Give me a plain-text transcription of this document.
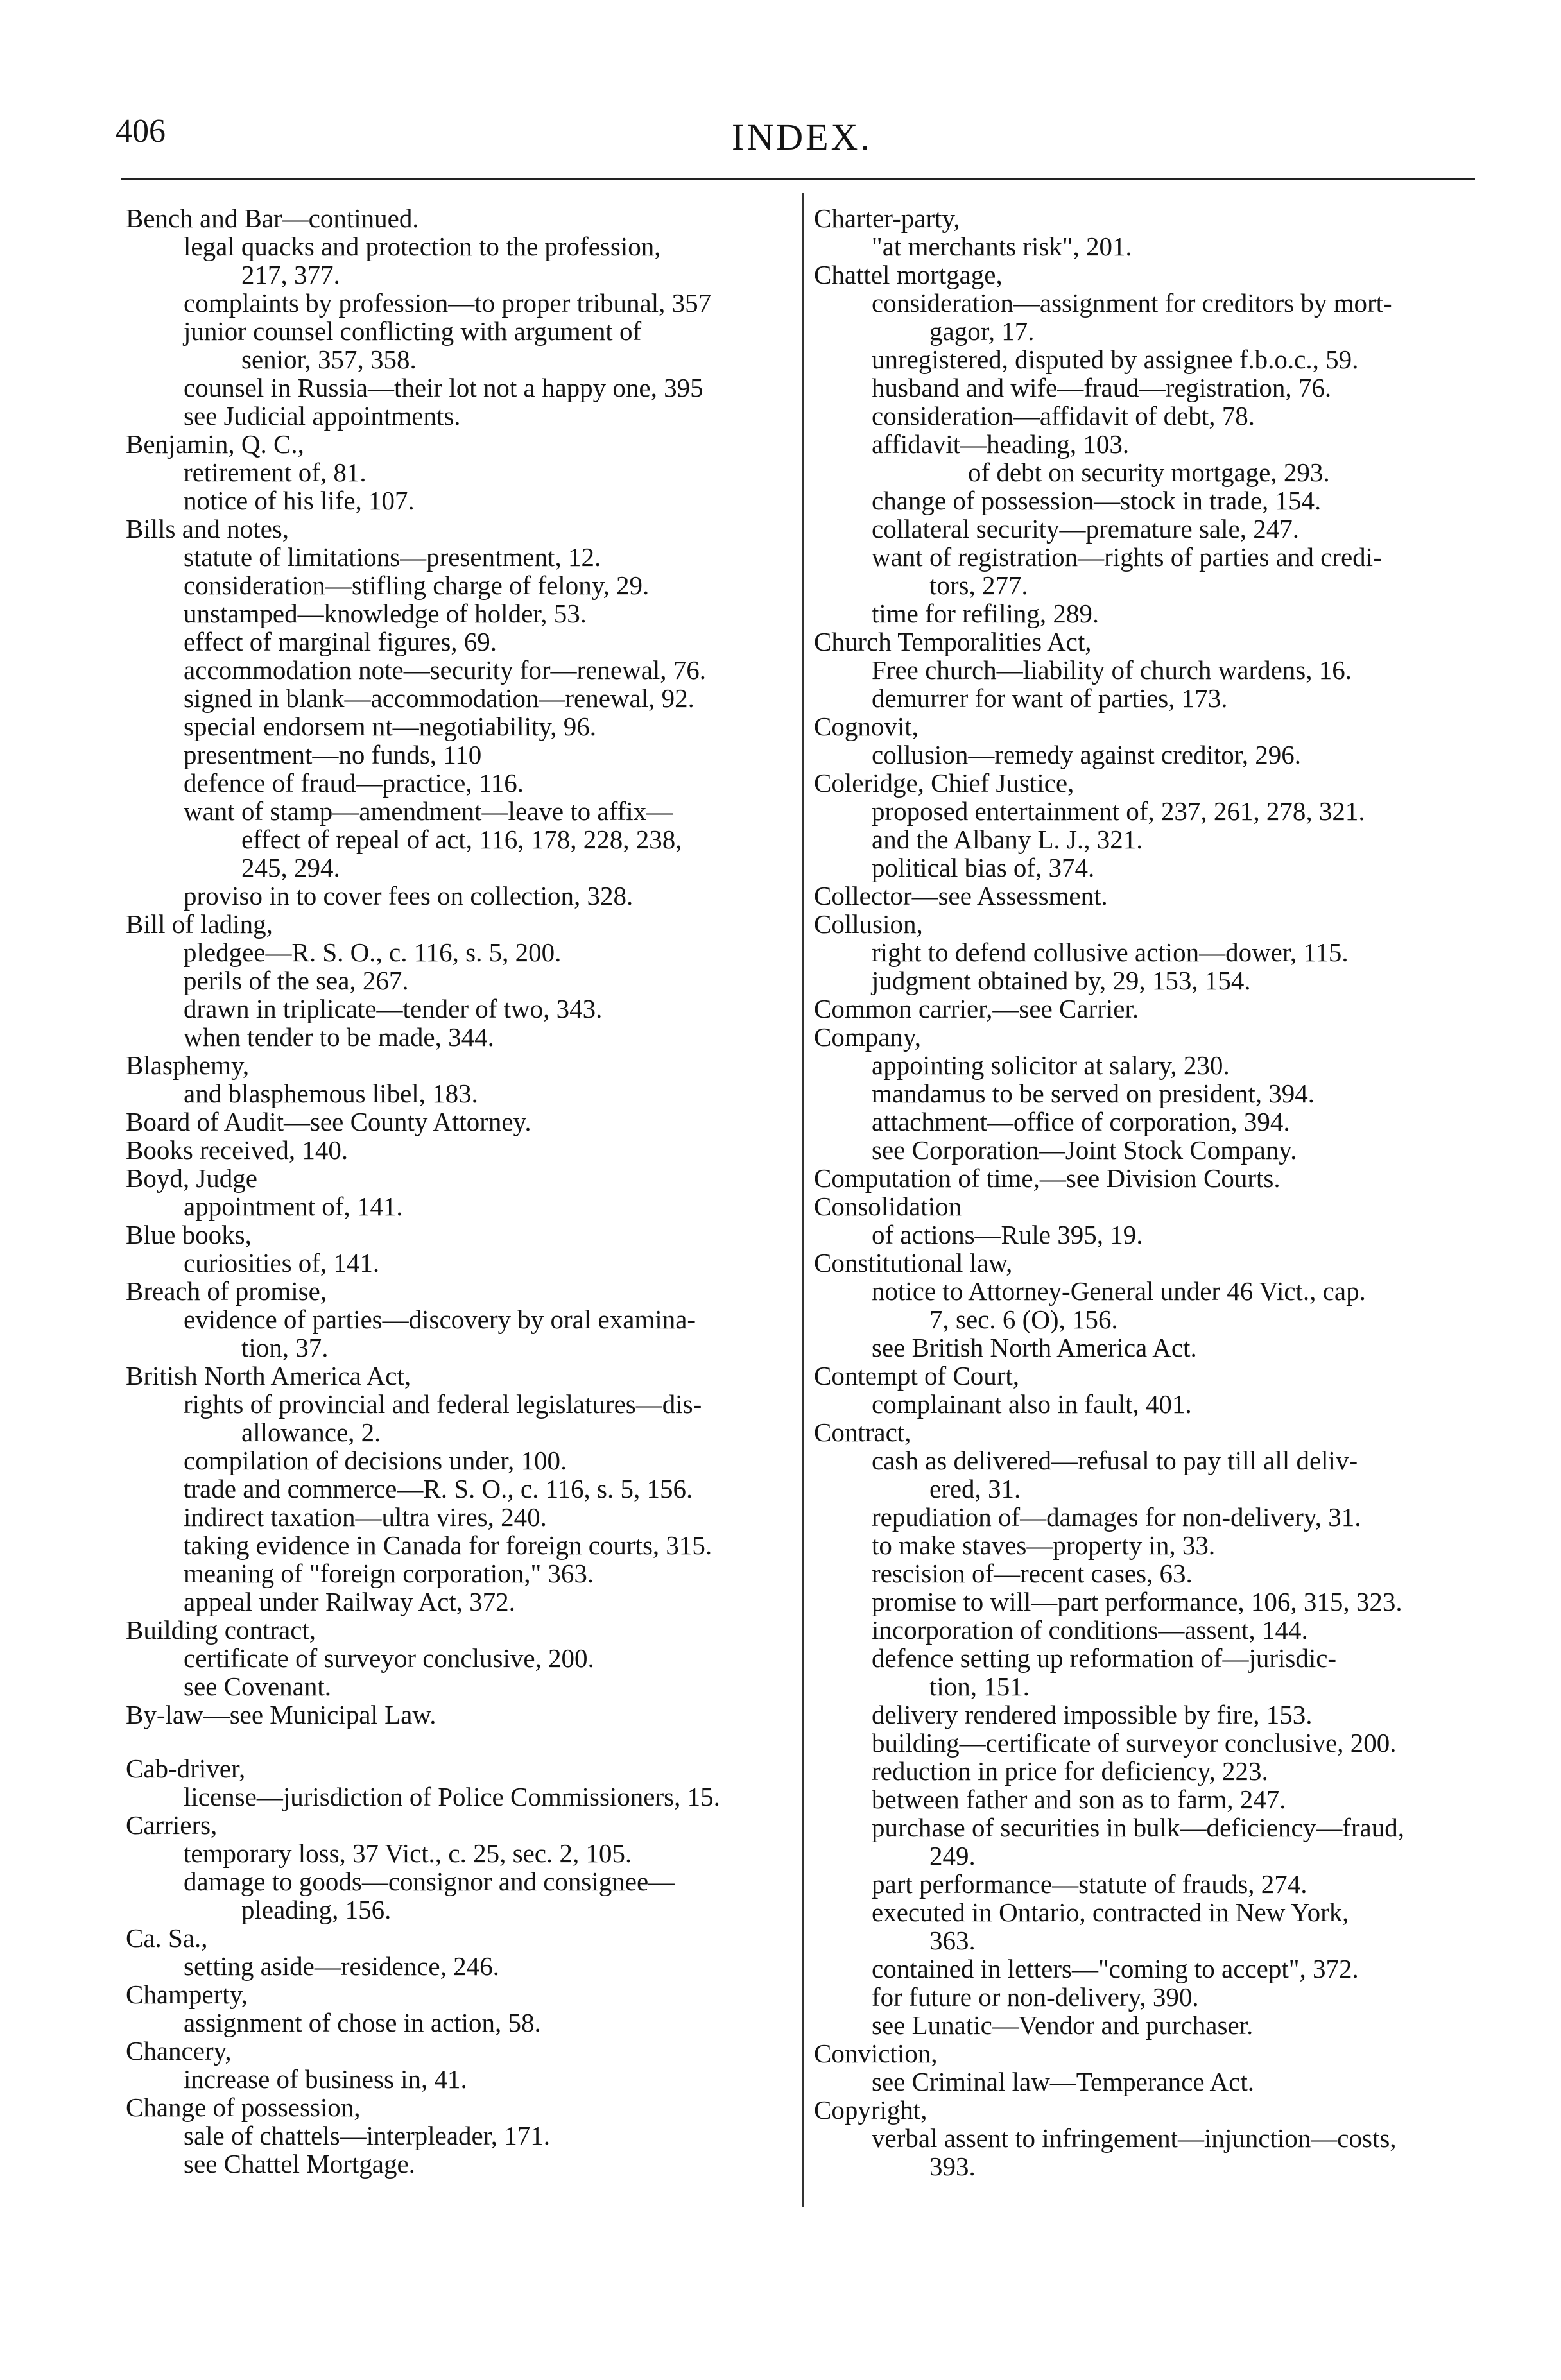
406	INDEX.
Bench and Bar—continued.
legal quacks and protection to the profession,
217, 377.
complaints by profession—to proper tribunal, 357
junior counsel conflicting with argument of
senior, 357, 358.
counsel in Russia—their lot not a happy one, 395
see Judicial appointments.
Benjamin, Q. C.,
retirement of, 81.
notice of his life, 107.
Bills and notes,
statute of limitations—presentment, 12.
consideration—stifling charge of felony, 29.
unstamped—knowledge of holder, 53.
effect of marginal figures, 69.
accommodation note—security for—renewal, 76.
signed in blank—accommodation—renewal, 92.
special endorsem nt—negotiability, 96.
presentment—no funds, 110
defence of fraud—practice, 116.
want of stamp—amendment—leave to affix—
effect of repeal of act, 116, 178, 228, 238,
245, 294.
proviso in to cover fees on collection, 328.
Bill of lading,
pledgee—R. S. O., c. 116, s. 5, 200.
perils of the sea, 267.
drawn in triplicate—tender of two, 343.
when tender to be made, 344.
Blasphemy,
and blasphemous libel, 183.
Board of Audit—see County Attorney.
Books received, 140.
Boyd, Judge
appointment of, 141.
Blue books,
curiosities of, 141.
Breach of promise,
evidence of parties—discovery by oral examina-
tion, 37.
British North America Act,
rights of provincial and federal legislatures—dis-
allowance, 2.
compilation of decisions under, 100.
trade and commerce—R. S. O., c. 116, s. 5, 156.
indirect taxation—ultra vires, 240.
taking evidence in Canada for foreign courts, 315.
meaning of "foreign corporation," 363.
appeal under Railway Act, 372.
Building contract,
certificate of surveyor conclusive, 200.
see Covenant.
By-law—see Municipal Law.
Cab-driver,
license—jurisdiction of Police Commissioners, 15.
Carriers,
temporary loss, 37 Vict., c. 25, sec. 2, 105.
damage to goods—consignor and consignee—
pleading, 156.
Ca. Sa.,
setting aside—residence, 246.
Champerty,
assignment of chose in action, 58.
Chancery,
increase of business in, 41.
Change of possession,
sale of chattels—interpleader, 171.
see Chattel Mortgage.
Charter-party,
"at merchants risk", 201.
Chattel mortgage,
consideration—assignment for creditors by mort-
gagor, 17.
unregistered, disputed by assignee f.b.o.c., 59.
husband and wife—fraud—registration, 76.
consideration—affidavit of debt, 78.
affidavit—heading, 103.
of debt on security mortgage, 293.
change of possession—stock in trade, 154.
collateral security—premature sale, 247.
want of registration—rights of parties and credi-
tors, 277.
time for refiling, 289.
Church Temporalities Act,
Free church—liability of church wardens, 16.
demurrer for want of parties, 173.
Cognovit,
collusion—remedy against creditor, 296.
Coleridge, Chief Justice,
proposed entertainment of, 237, 261, 278, 321.
and the Albany L. J., 321.
political bias of, 374.
Collector—see Assessment.
Collusion,
right to defend collusive action—dower, 115.
judgment obtained by, 29, 153, 154.
Common carrier,—see Carrier.
Company,
appointing solicitor at salary, 230.
mandamus to be served on president, 394.
attachment—office of corporation, 394.
see Corporation—Joint Stock Company.
Computation of time,—see Division Courts.
Consolidation
of actions—Rule 395, 19.
Constitutional law,
notice to Attorney-General under 46 Vict., cap.
7, sec. 6 (O), 156.
see British North America Act.
Contempt of Court,
complainant also in fault, 401.
Contract,
cash as delivered—refusal to pay till all deliv-
ered, 31.
repudiation of—damages for non-delivery, 31.
to make staves—property in, 33.
rescision of—recent cases, 63.
promise to will—part performance, 106, 315, 323.
incorporation of conditions—assent, 144.
defence setting up reformation of—jurisdic-
tion, 151.
delivery rendered impossible by fire, 153.
building—certificate of surveyor conclusive, 200.
reduction in price for deficiency, 223.
between father and son as to farm, 247.
purchase of securities in bulk—deficiency—fraud,
249.
part performance—statute of frauds, 274.
executed in Ontario, contracted in New York,
363.
contained in letters—"coming to accept", 372.
for future or non-delivery, 390.
see Lunatic—Vendor and purchaser.
Conviction,
see Criminal law—Temperance Act.
Copyright,
verbal assent to infringement—injunction—costs,
393.
